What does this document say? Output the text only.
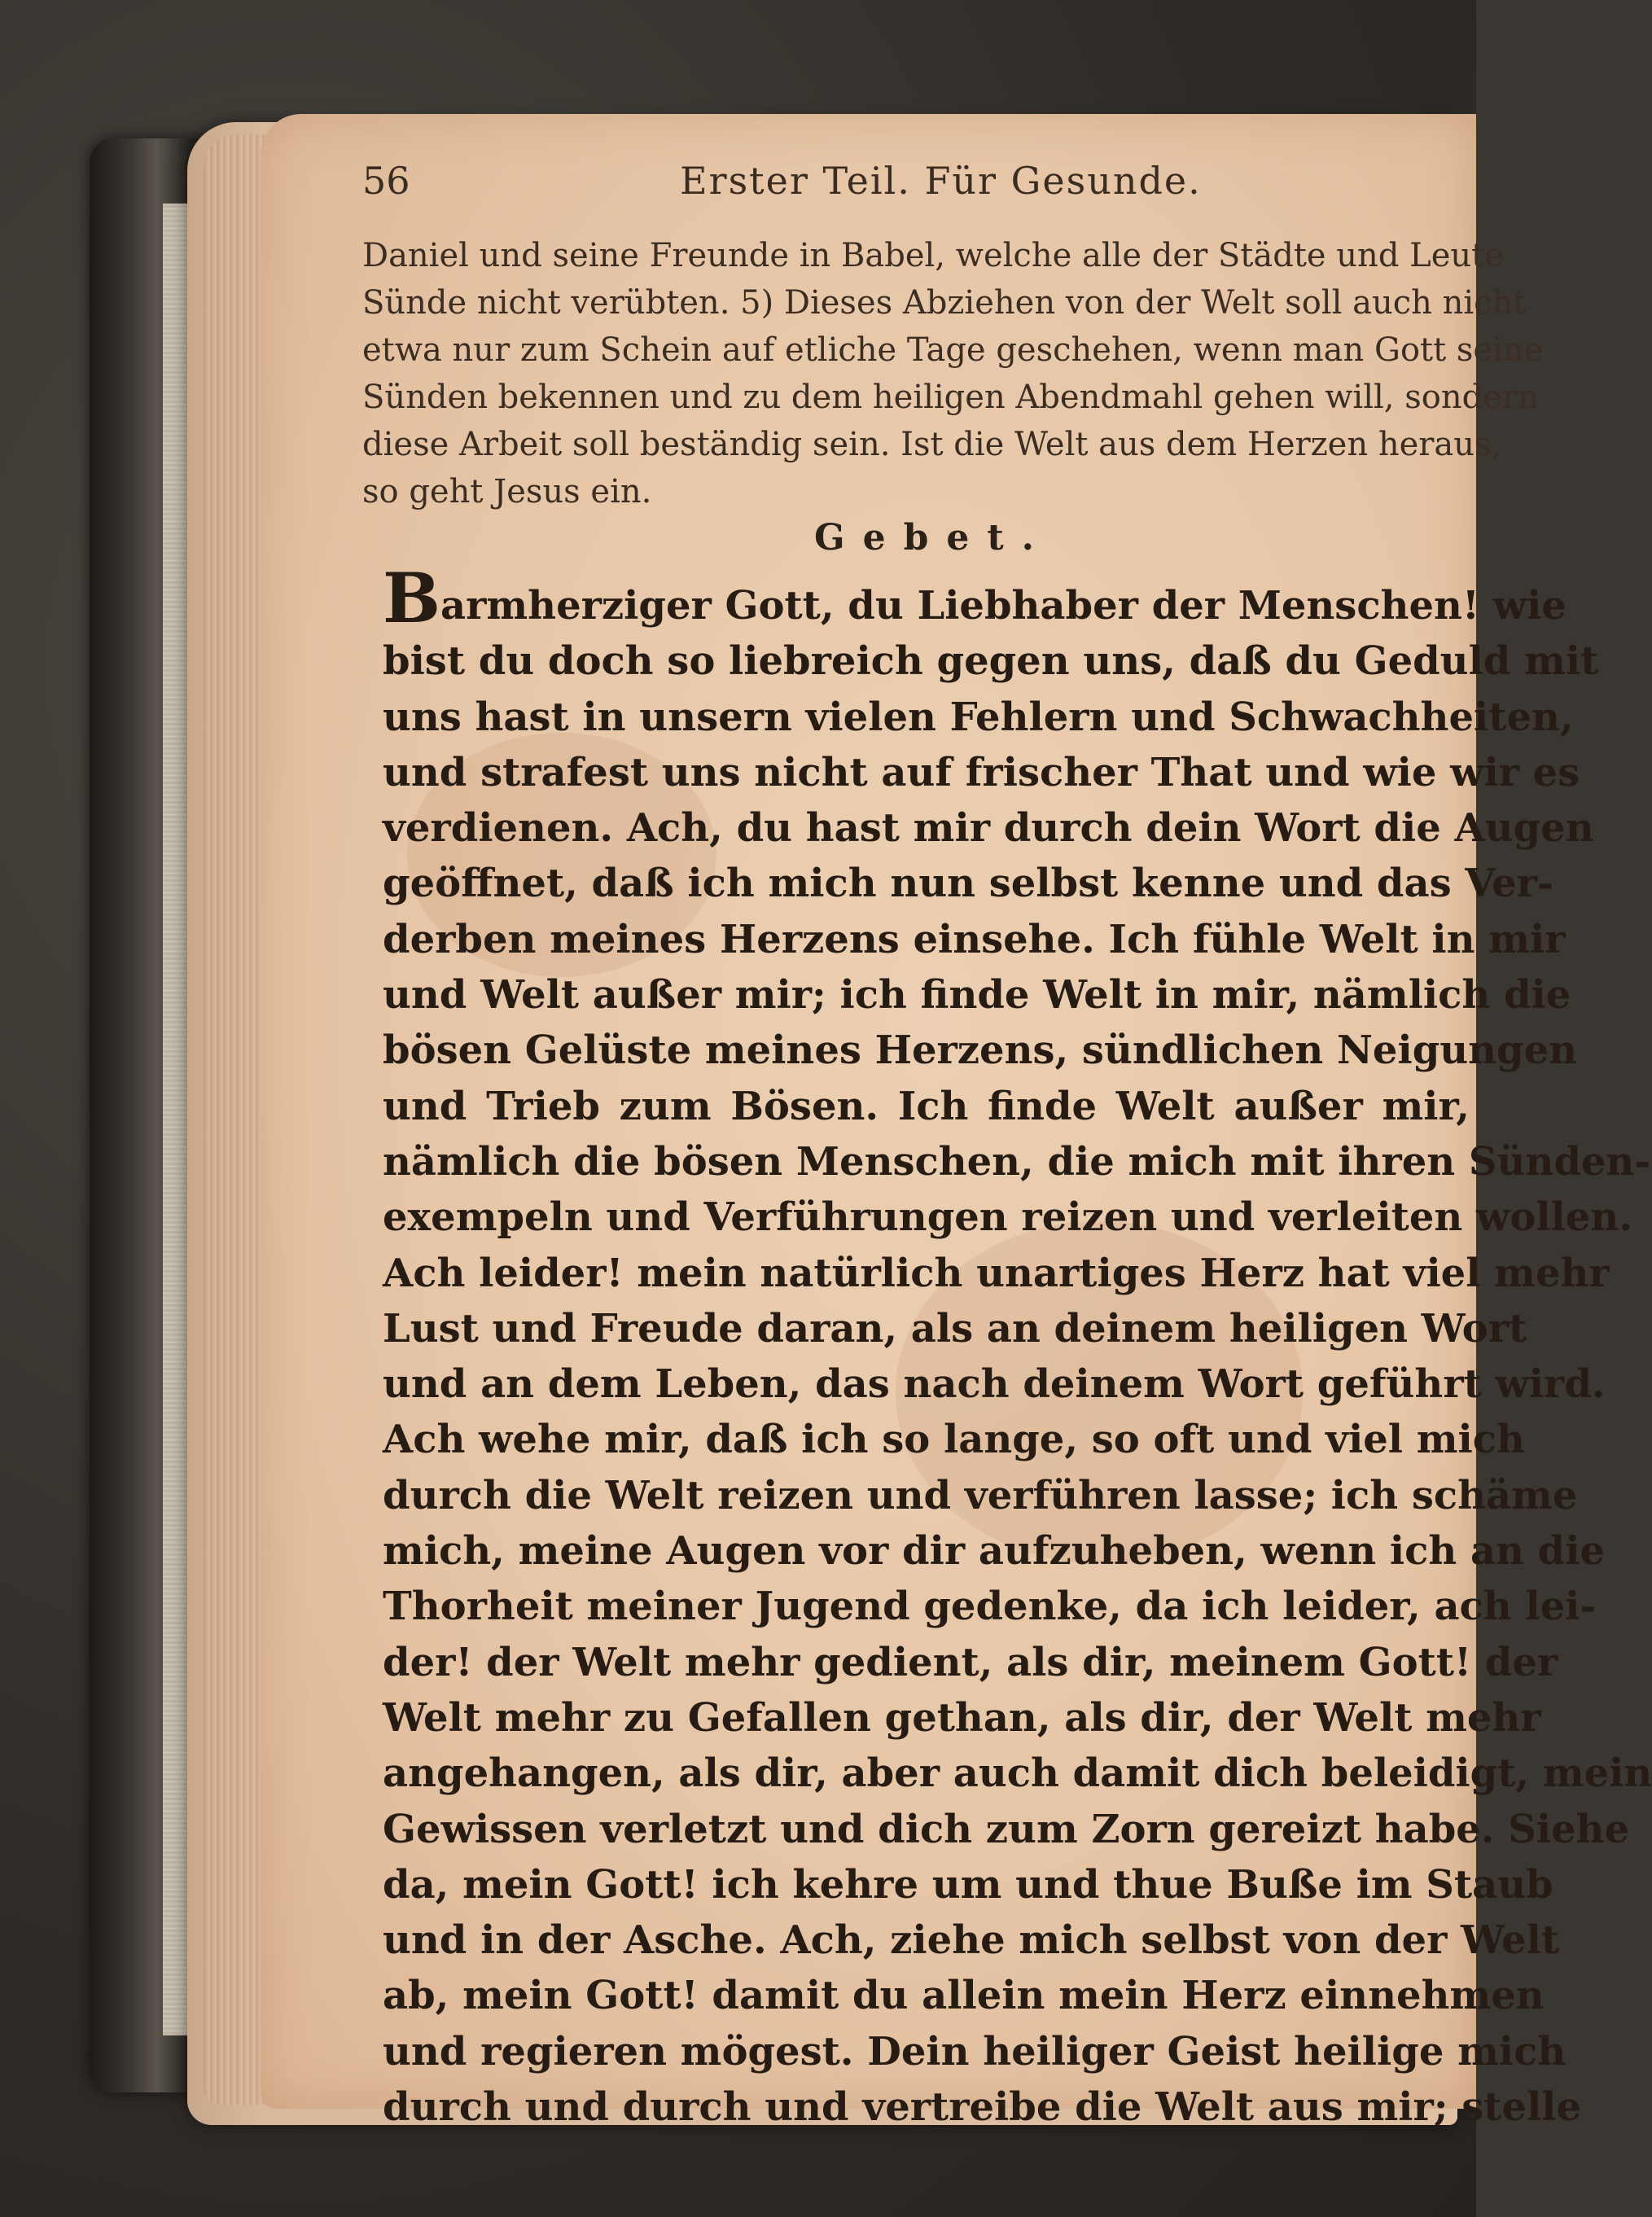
56	Erster Teil. Für Gesunde.
Daniel und seine Freunde in Babel, welche alle der Städte und Leute
Sünde nicht verübten. 5) Dieses Abziehen von der Welt soll auch nicht
etwa nur zum Schein auf etliche Tage geschehen, wenn man Gott seine
Sünden bekennen und zu dem heiligen Abendmahl gehen will, sondern
diese Arbeit soll beständig sein. Ist die Welt aus dem Herzen heraus,
so geht Jesus ein.
Gebet.
Barmherziger Gott, du Liebhaber der Menschen! wie
bist du doch so liebreich gegen uns, daß du Geduld mit
uns hast in unsern vielen Fehlern und Schwachheiten,
und strafest uns nicht auf frischer That und wie wir es
verdienen. Ach, du hast mir durch dein Wort die Augen
geöffnet, daß ich mich nun selbst kenne und das Ver-
derben meines Herzens einsehe. Ich fühle Welt in mir
und Welt außer mir; ich finde Welt in mir, nämlich die
bösen Gelüste meines Herzens, sündlichen Neigungen
und Trieb zum Bösen. Ich finde Welt außer mir,
nämlich die bösen Menschen, die mich mit ihren Sünden-
exempeln und Verführungen reizen und verleiten wollen.
Ach leider! mein natürlich unartiges Herz hat viel mehr
Lust und Freude daran, als an deinem heiligen Wort
und an dem Leben, das nach deinem Wort geführt wird.
Ach wehe mir, daß ich so lange, so oft und viel mich
durch die Welt reizen und verführen lasse; ich schäme
mich, meine Augen vor dir aufzuheben, wenn ich an die
Thorheit meiner Jugend gedenke, da ich leider, ach lei-
der! der Welt mehr gedient, als dir, meinem Gott! der
Welt mehr zu Gefallen gethan, als dir, der Welt mehr
angehangen, als dir, aber auch damit dich beleidigt, mein
Gewissen verletzt und dich zum Zorn gereizt habe. Siehe
da, mein Gott! ich kehre um und thue Buße im Staub
und in der Asche. Ach, ziehe mich selbst von der Welt
ab, mein Gott! damit du allein mein Herz einnehmen
und regieren mögest. Dein heiliger Geist heilige mich
durch und durch und vertreibe die Welt aus mir; stelle
